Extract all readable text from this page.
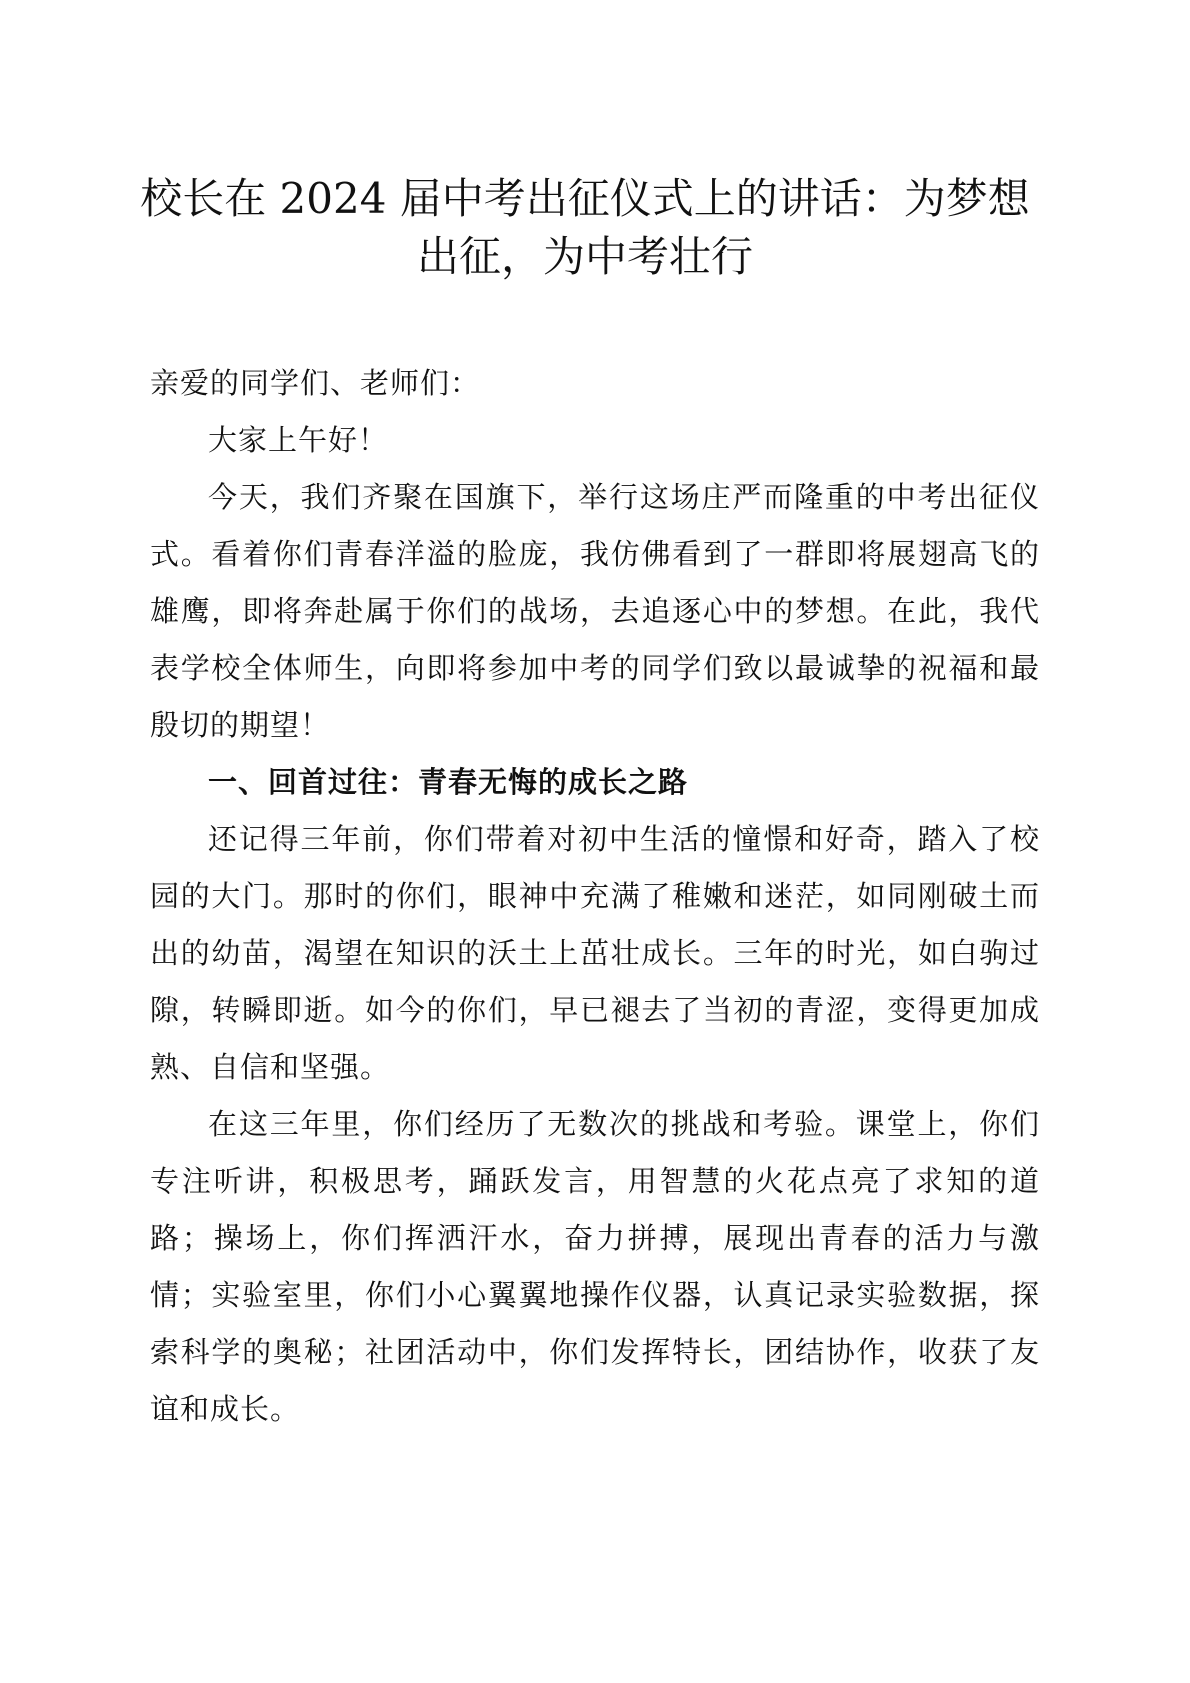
校长在 2024 届中考出征仪式上的讲话：为梦想出征，为中考壮行

亲爱的同学们、老师们：

大家上午好！

今天，我们齐聚在国旗下，举行这场庄严而隆重的中考出征仪式。看着你们青春洋溢的脸庞，我仿佛看到了一群即将展翅高飞的雄鹰，即将奔赴属于你们的战场，去追逐心中的梦想。在此，我代表学校全体师生，向即将参加中考的同学们致以最诚挚的祝福和最殷切的期望！

一、回首过往：青春无悔的成长之路

还记得三年前，你们带着对初中生活的憧憬和好奇，踏入了校园的大门。那时的你们，眼神中充满了稚嫩和迷茫，如同刚破土而出的幼苗，渴望在知识的沃土上茁壮成长。三年的时光，如白驹过隙，转瞬即逝。如今的你们，早已褪去了当初的青涩，变得更加成熟、自信和坚强。

在这三年里，你们经历了无数次的挑战和考验。课堂上，你们专注听讲，积极思考，踊跃发言，用智慧的火花点亮了求知的道路；操场上，你们挥洒汗水，奋力拼搏，展现出青春的活力与激情；实验室里，你们小心翼翼地操作仪器，认真记录实验数据，探索科学的奥秘；社团活动中，你们发挥特长，团结协作，收获了友谊和成长。
